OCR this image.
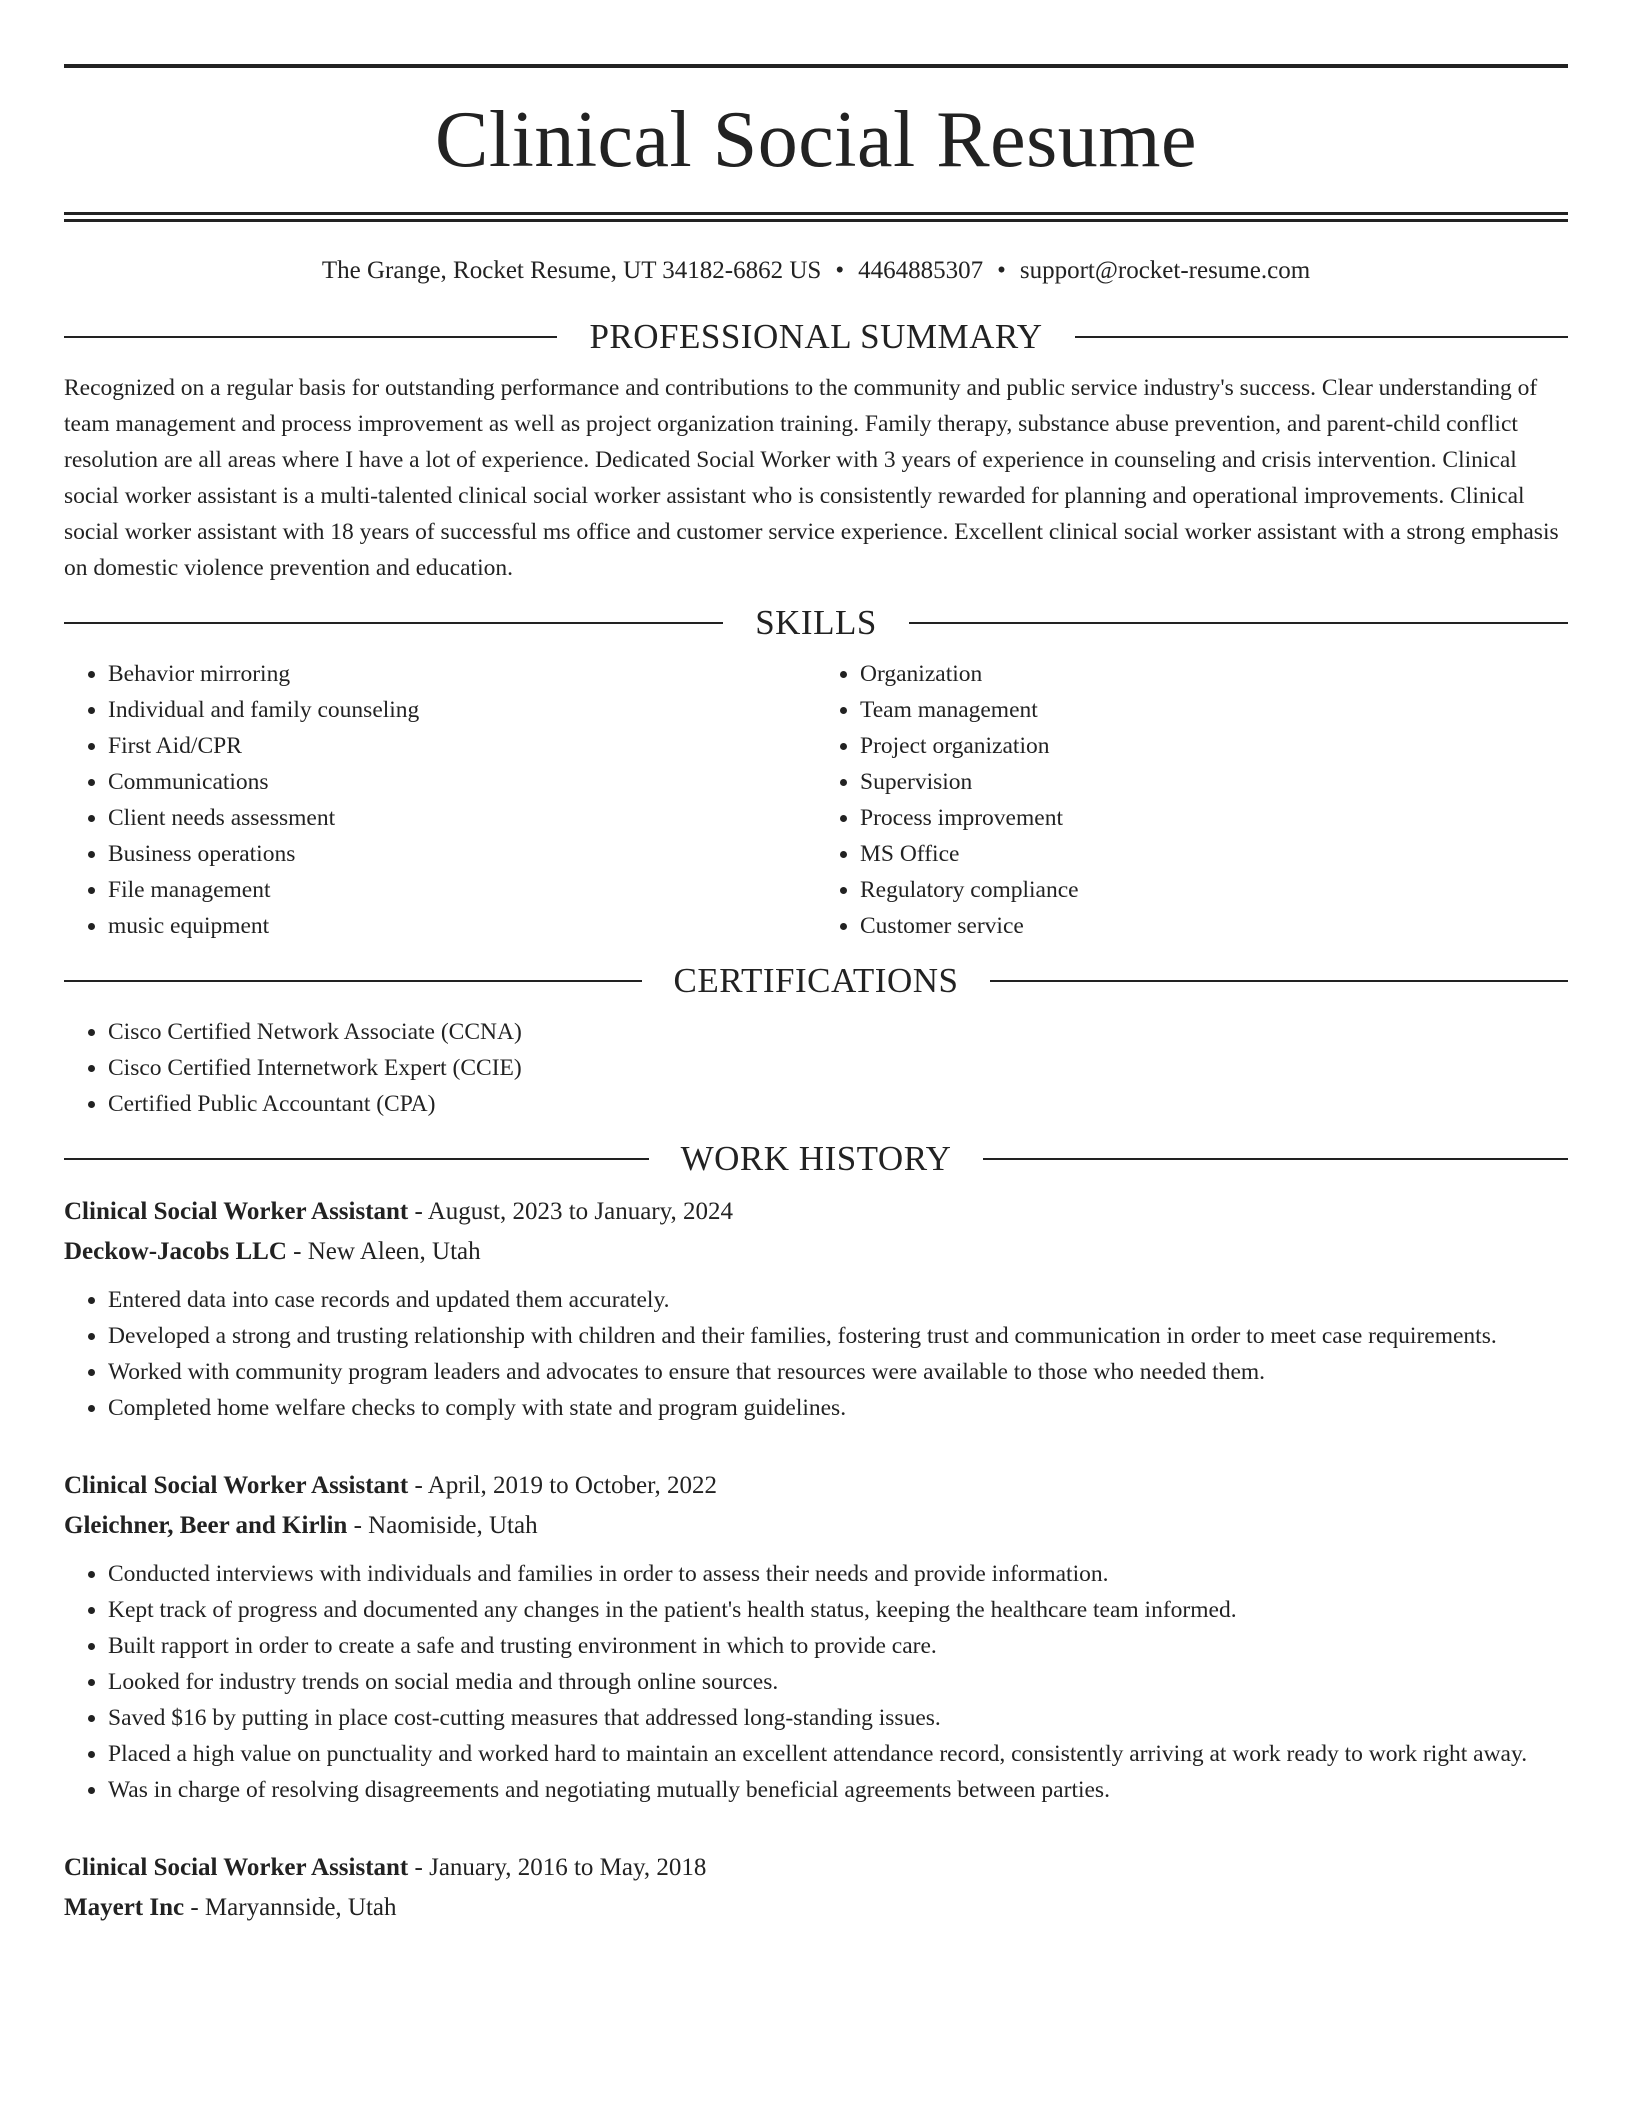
Clinical Social Resume
The Grange, Rocket Resume, UT 34182-6862 US • 4464885307 • support@rocket-resume.com
PROFESSIONAL SUMMARY

Recognized on a regular basis for outstanding performance and contributions to the community and public service industry's success. Clear understanding of team management and process improvement as well as project organization training. Family therapy, substance abuse prevention, and parent-child conflict resolution are all areas where I have a lot of experience. Dedicated Social Worker with 3 years of experience in counseling and crisis intervention. Clinical social worker assistant is a multi-talented clinical social worker assistant who is consistently rewarded for planning and operational improvements. Clinical social worker assistant with 18 years of successful ms office and customer service experience. Excellent clinical social worker assistant with a strong emphasis on domestic violence prevention and education.

SKILLS
• Behavior mirroring
• Individual and family counseling
• First Aid/CPR
• Communications
• Client needs assessment
• Business operations
• File management
• music equipment
• Organization
• Team management
• Project organization
• Supervision
• Process improvement
• MS Office
• Regulatory compliance
• Customer service
CERTIFICATIONS
• Cisco Certified Network Associate (CCNA)
• Cisco Certified Internetwork Expert (CCIE)
• Certified Public Accountant (CPA)
WORK HISTORY
Clinical Social Worker Assistant - August, 2023 to January, 2024
Deckow-Jacobs LLC - New Aleen, Utah
• Entered data into case records and updated them accurately.
• Developed a strong and trusting relationship with children and their families, fostering trust and communication in order to meet case requirements.
• Worked with community program leaders and advocates to ensure that resources were available to those who needed them.
• Completed home welfare checks to comply with state and program guidelines.
Clinical Social Worker Assistant - April, 2019 to October, 2022
Gleichner, Beer and Kirlin - Naomiside, Utah
• Conducted interviews with individuals and families in order to assess their needs and provide information.
• Kept track of progress and documented any changes in the patient's health status, keeping the healthcare team informed.
• Built rapport in order to create a safe and trusting environment in which to provide care.
• Looked for industry trends on social media and through online sources.
• Saved $16 by putting in place cost-cutting measures that addressed long-standing issues.
• Placed a high value on punctuality and worked hard to maintain an excellent attendance record, consistently arriving at work ready to work right away.
• Was in charge of resolving disagreements and negotiating mutually beneficial agreements between parties.
Clinical Social Worker Assistant - January, 2016 to May, 2018
Mayert Inc - Maryannside, Utah
